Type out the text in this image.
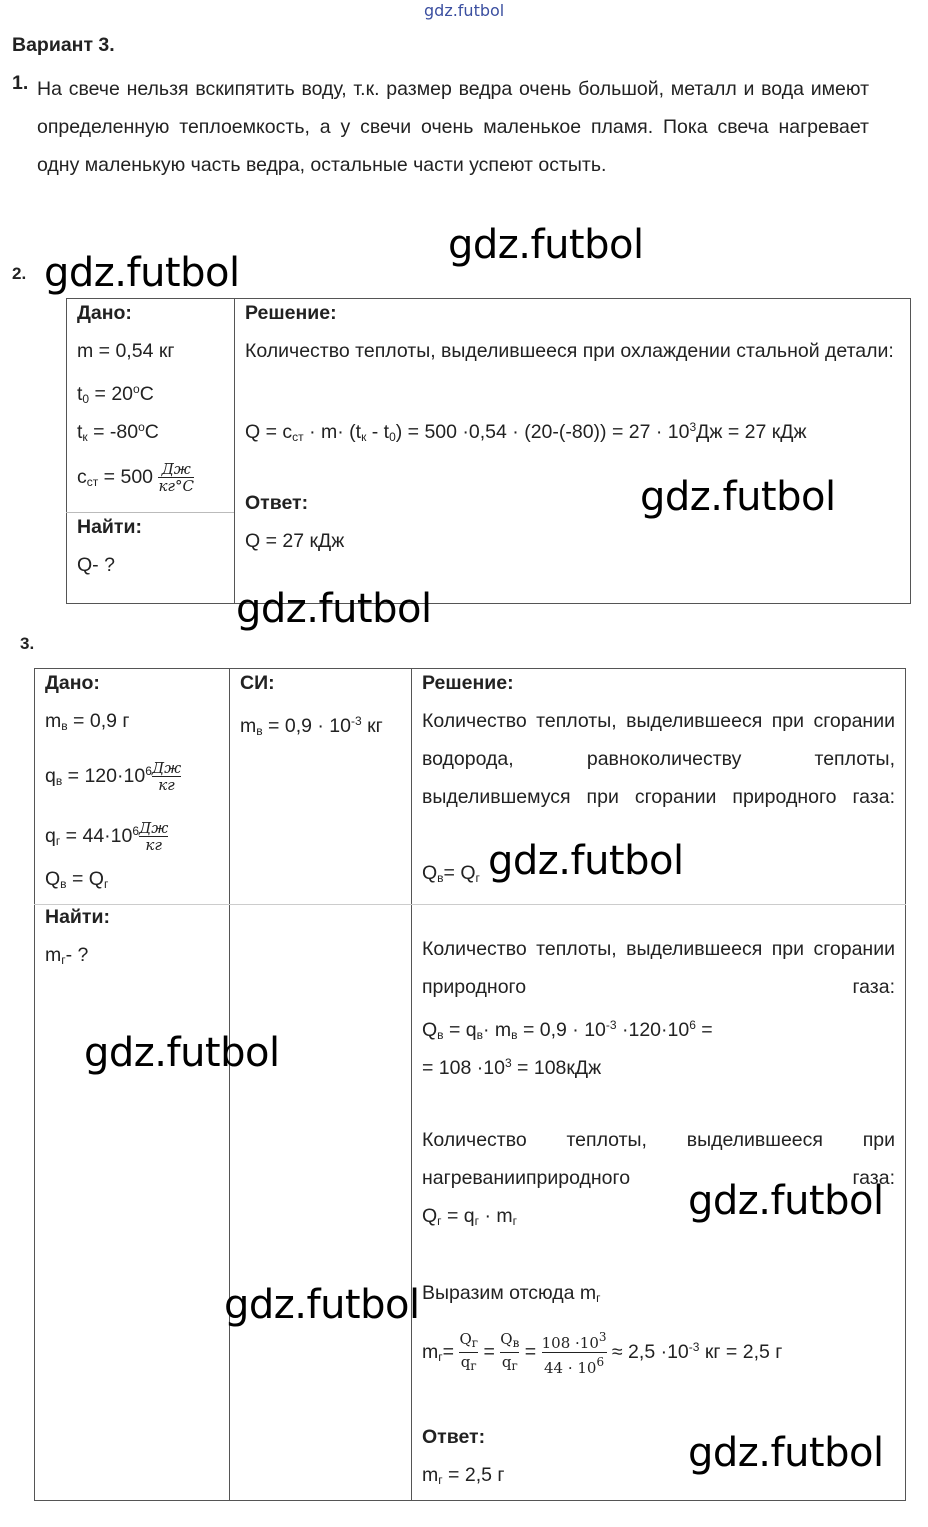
gdz.futbol
Вариант 3.
1. На свече нельзя вскипятить воду, т.к. размер ведра очень большой, металл и вода имеют определенную теплоемкость, а у свечи очень маленькое пламя. Пока свеча нагревает одну маленькую часть ведра, остальные части успеют остыть.
2.
Дано:
m = 0,54 кг
$t_0 = 20^oC$
$t_к = -80^oC$
$c_{ст} = 500 \frac{Дж}{кг^\circ C}$
Найти:
Q- ?
Решение:
Количество теплоты, выделившееся при охлаждении стальной детали:
$Q = c_{ст} \cdot m\cdot (t_к - t_0) = 500 \cdot 0,54 \cdot (20-(-80)) = 27 \cdot 10^3Дж = 27$ кДж
Ответ:
Q = 27 кДж
3.
Дано:
$m_в = 0,9$ г
$q_в = 120\cdot 10^6 \frac{Дж}{кг}$
$q_г = 44\cdot 10^6 \frac{Дж}{кг}$
$Q_в = Q_г$
Найти:
$m_г-$ ?
СИ:
$m_в = 0,9 \cdot 10^{-3}$ кг
Решение:
Количество теплоты, выделившееся при сгорании водорода, равноколичеству теплоты, выделившемуся при сгорании природного газа:
$Q_в= Q_г$
Количество теплоты, выделившееся при сгорании природного газа:
$Q_в = q_в\cdot m_в = 0,9 \cdot 10^{-3} \cdot 120\cdot 10^6$ =
= $108 \cdot 10^3 = 108кДж$
Количество теплоты, выделившееся при нагреванииприродного газа:
$Q_г = q_г \cdot m_г$
Выразим отсюда $m_г$
$m_г=$
$Q_г$
$q_г$
=
$Q_в$
$q_г$
= $\frac{108 \cdot 10^3}{44 \cdot 10^6} \approx 2,5 \cdot 10^{-3}$ кг = 2,5 г
Ответ:
$m_г = 2,5$ г
gdz.futbol
gdz.futbol
gdz.futbol
gdz.futbol
gdz.futbol
gdz.futbol
gdz.futbol
gdz.futbol
gdz.futbol
